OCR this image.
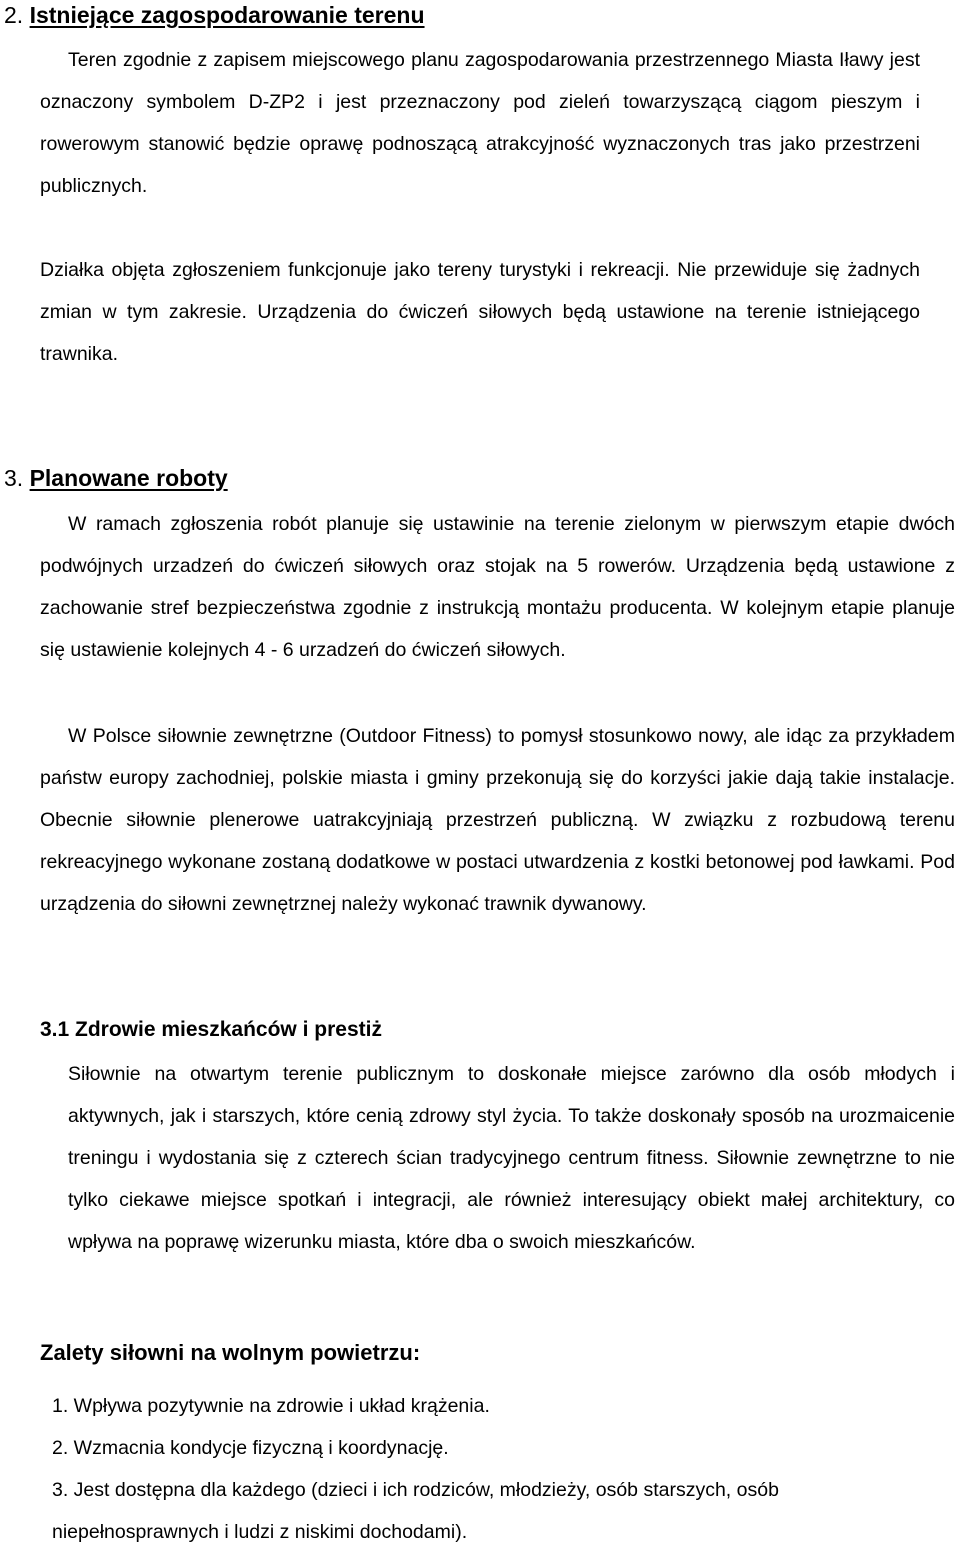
2. Istniejące zagospodarowanie terenu

Teren zgodnie z zapisem miejscowego planu zagospodarowania przestrzennego Miasta Iławy jest oznaczony symbolem D-ZP2 i jest przeznaczony pod zieleń towarzyszącą ciągom pieszym i rowerowym stanowić będzie oprawę podnoszącą atrakcyjność wyznaczonych tras jako przestrzeni publicznych.

Działka objęta zgłoszeniem funkcjonuje jako tereny turystyki i rekreacji. Nie przewiduje się żadnych zmian w tym zakresie. Urządzenia do ćwiczeń siłowych będą ustawione na terenie istniejącego trawnika.

3. Planowane roboty

W ramach zgłoszenia robót planuje się ustawinie na terenie zielonym w pierwszym etapie dwóch podwójnych urzadzeń do ćwiczeń siłowych oraz stojak na 5 rowerów. Urządzenia będą ustawione z zachowanie stref bezpieczeństwa zgodnie z instrukcją montażu producenta. W kolejnym etapie planuje się ustawienie kolejnych 4 - 6 urzadzeń do ćwiczeń siłowych.

W Polsce siłownie zewnętrzne (Outdoor Fitness) to pomysł stosunkowo nowy, ale idąc za przykładem państw europy zachodniej, polskie miasta i gminy przekonują się do korzyści jakie dają takie instalacje. Obecnie siłownie plenerowe uatrakcyjniają przestrzeń publiczną. W związku z rozbudową terenu rekreacyjnego wykonane zostaną dodatkowe w postaci utwardzenia z kostki betonowej pod ławkami. Pod urządzenia do siłowni zewnętrznej należy wykonać trawnik dywanowy.

3.1 Zdrowie mieszkańców i prestiż

Siłownie na otwartym terenie publicznym to doskonałe miejsce zarówno dla osób młodych i aktywnych, jak i starszych, które cenią zdrowy styl życia. To także doskonały sposób na urozmaicenie treningu i wydostania się z czterech ścian tradycyjnego centrum fitness. Siłownie zewnętrzne to nie tylko ciekawe miejsce spotkań i integracji, ale również interesujący obiekt małej architektury, co wpływa na poprawę wizerunku miasta, które dba o swoich mieszkańców.

Zalety siłowni na wolnym powietrzu:
1. Wpływa pozytywnie na zdrowie i układ krążenia.
2. Wzmacnia kondycje fizyczną i koordynację.
3. Jest dostępna dla każdego (dzieci i ich rodziców, młodzieży, osób starszych, osób niepełnosprawnych i ludzi z niskimi dochodami).
